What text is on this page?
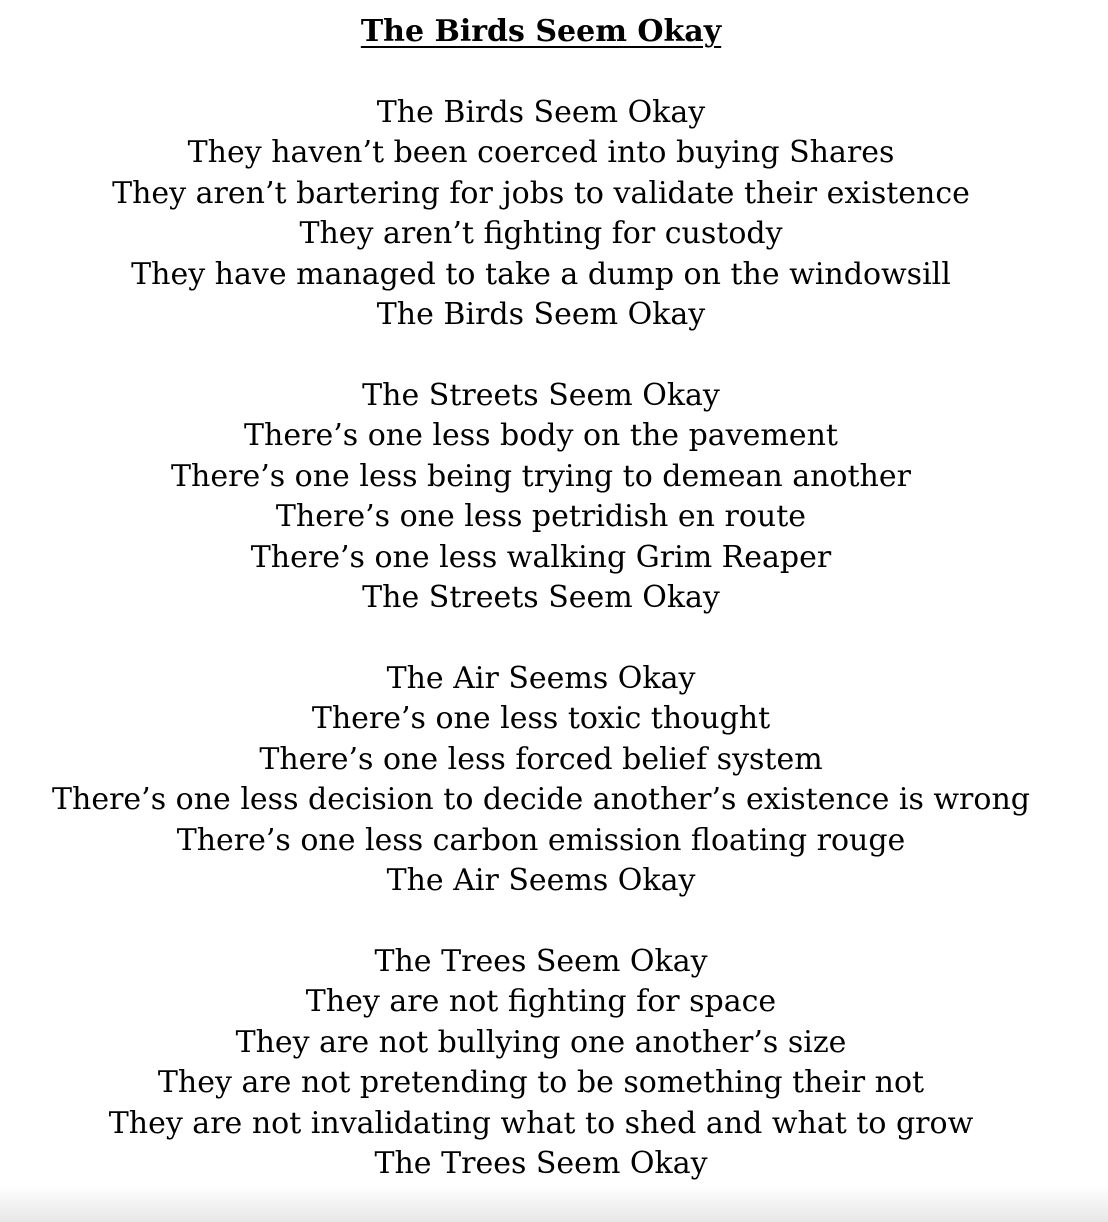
The Birds Seem Okay
The Birds Seem Okay
They haven’t been coerced into buying Shares
They aren’t bartering for jobs to validate their existence
They aren’t fighting for custody
They have managed to take a dump on the windowsill
The Birds Seem Okay
The Streets Seem Okay
There’s one less body on the pavement
There’s one less being trying to demean another
There’s one less petridish en route
There’s one less walking Grim Reaper
The Streets Seem Okay
The Air Seems Okay
There’s one less toxic thought
There’s one less forced belief system
There’s one less decision to decide another’s existence is wrong
There’s one less carbon emission floating rouge
The Air Seems Okay
The Trees Seem Okay
They are not fighting for space
They are not bullying one another’s size
They are not pretending to be something their not
They are not invalidating what to shed and what to grow
The Trees Seem Okay
